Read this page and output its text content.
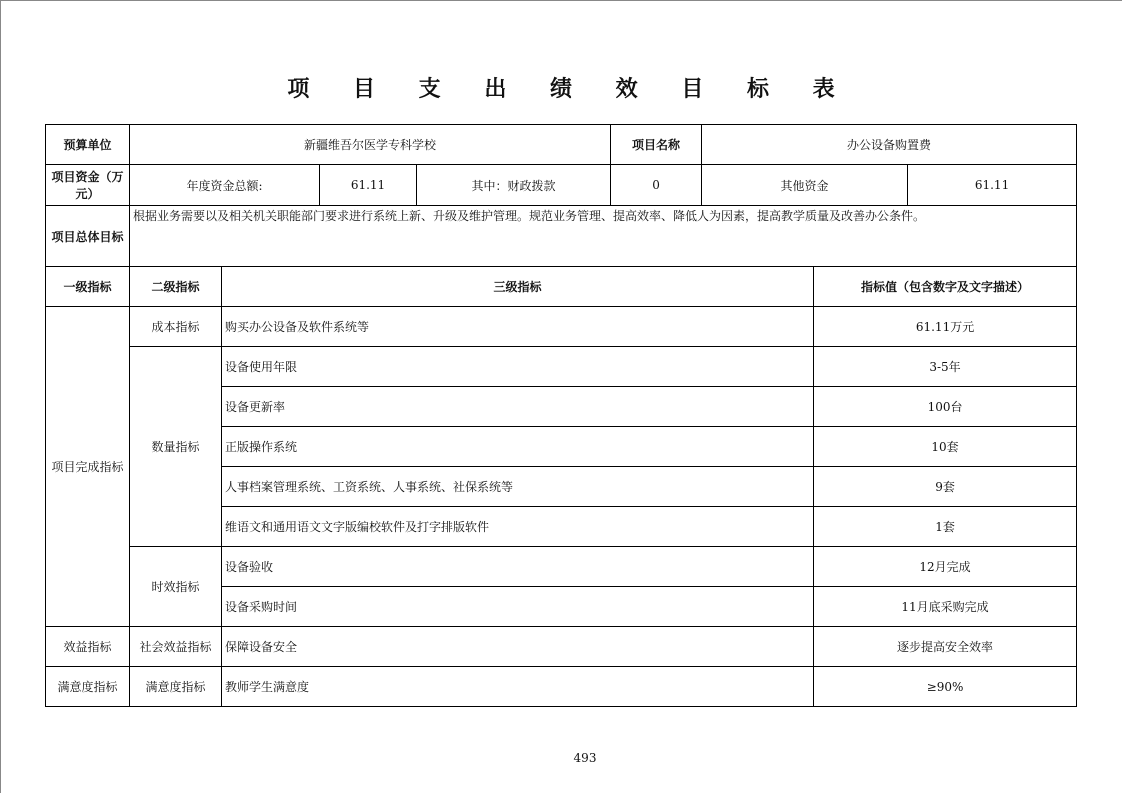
项 目 支 出 绩 效 目 标 表
预算单位	新疆维吾尔医学专科学校				项目名称	办公设备购置费		
项目资金（万元）	年度资金总额:		61.11	其中：财政拨款	0	其他资金		61.11
项目总体目标	根据业务需要以及相关机关职能部门要求进行系统上新、升级及维护管理。规范业务管理、提高效率、降低人为因素，提高教学质量及改善办公条件。							
一级指标	二级指标	三级指标					指标值（包含数字及文字描述）	
项目完成指标	成本指标	购买办公设备及软件系统等					61.11万元	
	数量指标	设备使用年限					3-5年	
		设备更新率					100台	
		正版操作系统					10套	
		人事档案管理系统、工资系统、人事系统、社保系统等					9套	
		维语文和通用语文文字版编校软件及打字排版软件					1套	
	时效指标	设备验收					12月完成	
		设备采购时间					11月底采购完成	
效益指标	社会效益指标	保障设备安全					逐步提高安全效率	
满意度指标	满意度指标	教师学生满意度					≥90%	
493
